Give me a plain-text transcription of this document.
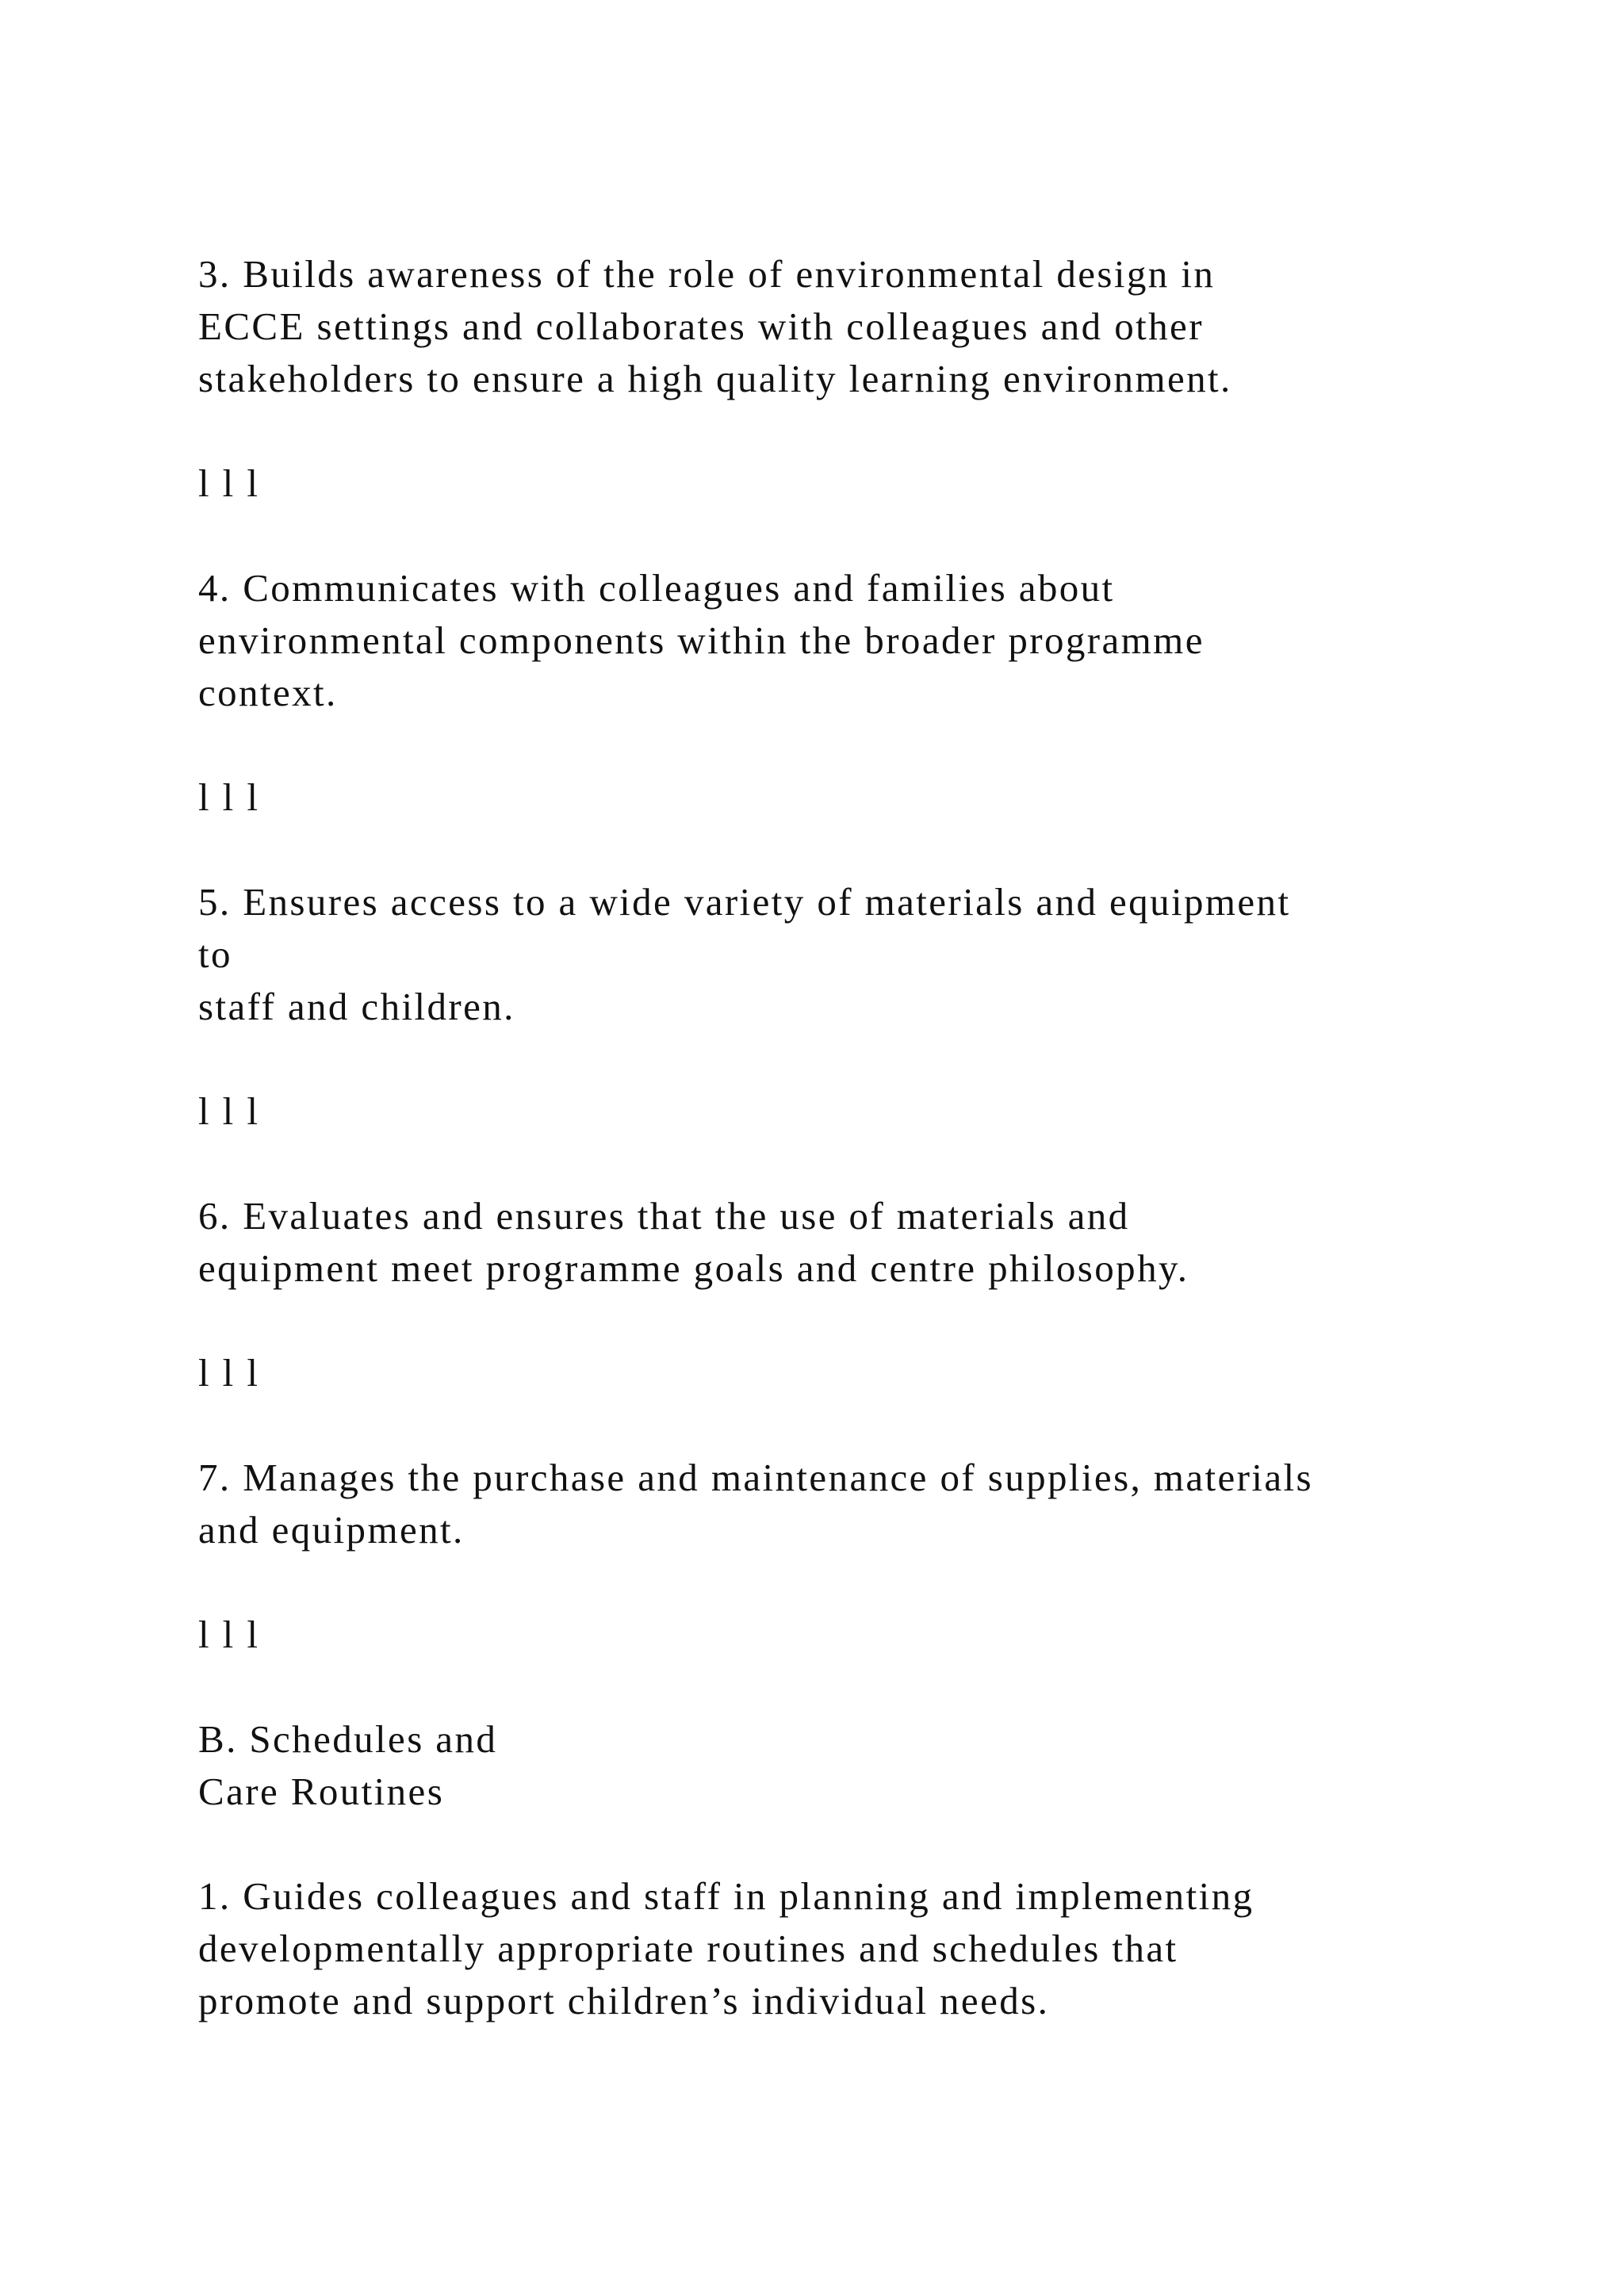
3. Builds awareness of the role of environmental design in

ECCE settings and collaborates with colleagues and other

stakeholders to ensure a high quality learning environment.

l l l

4. Communicates with colleagues and families about

environmental components within the broader programme

context.

l l l

5. Ensures access to a wide variety of materials and equipment

to

staff and children.

l l l

6. Evaluates and ensures that the use of materials and

equipment meet programme goals and centre philosophy.

l l l

7. Manages the purchase and maintenance of supplies, materials

and equipment.

l l l

B. Schedules and

Care Routines

1. Guides colleagues and staff in planning and implementing

developmentally appropriate routines and schedules that

promote and support children’s individual needs.
